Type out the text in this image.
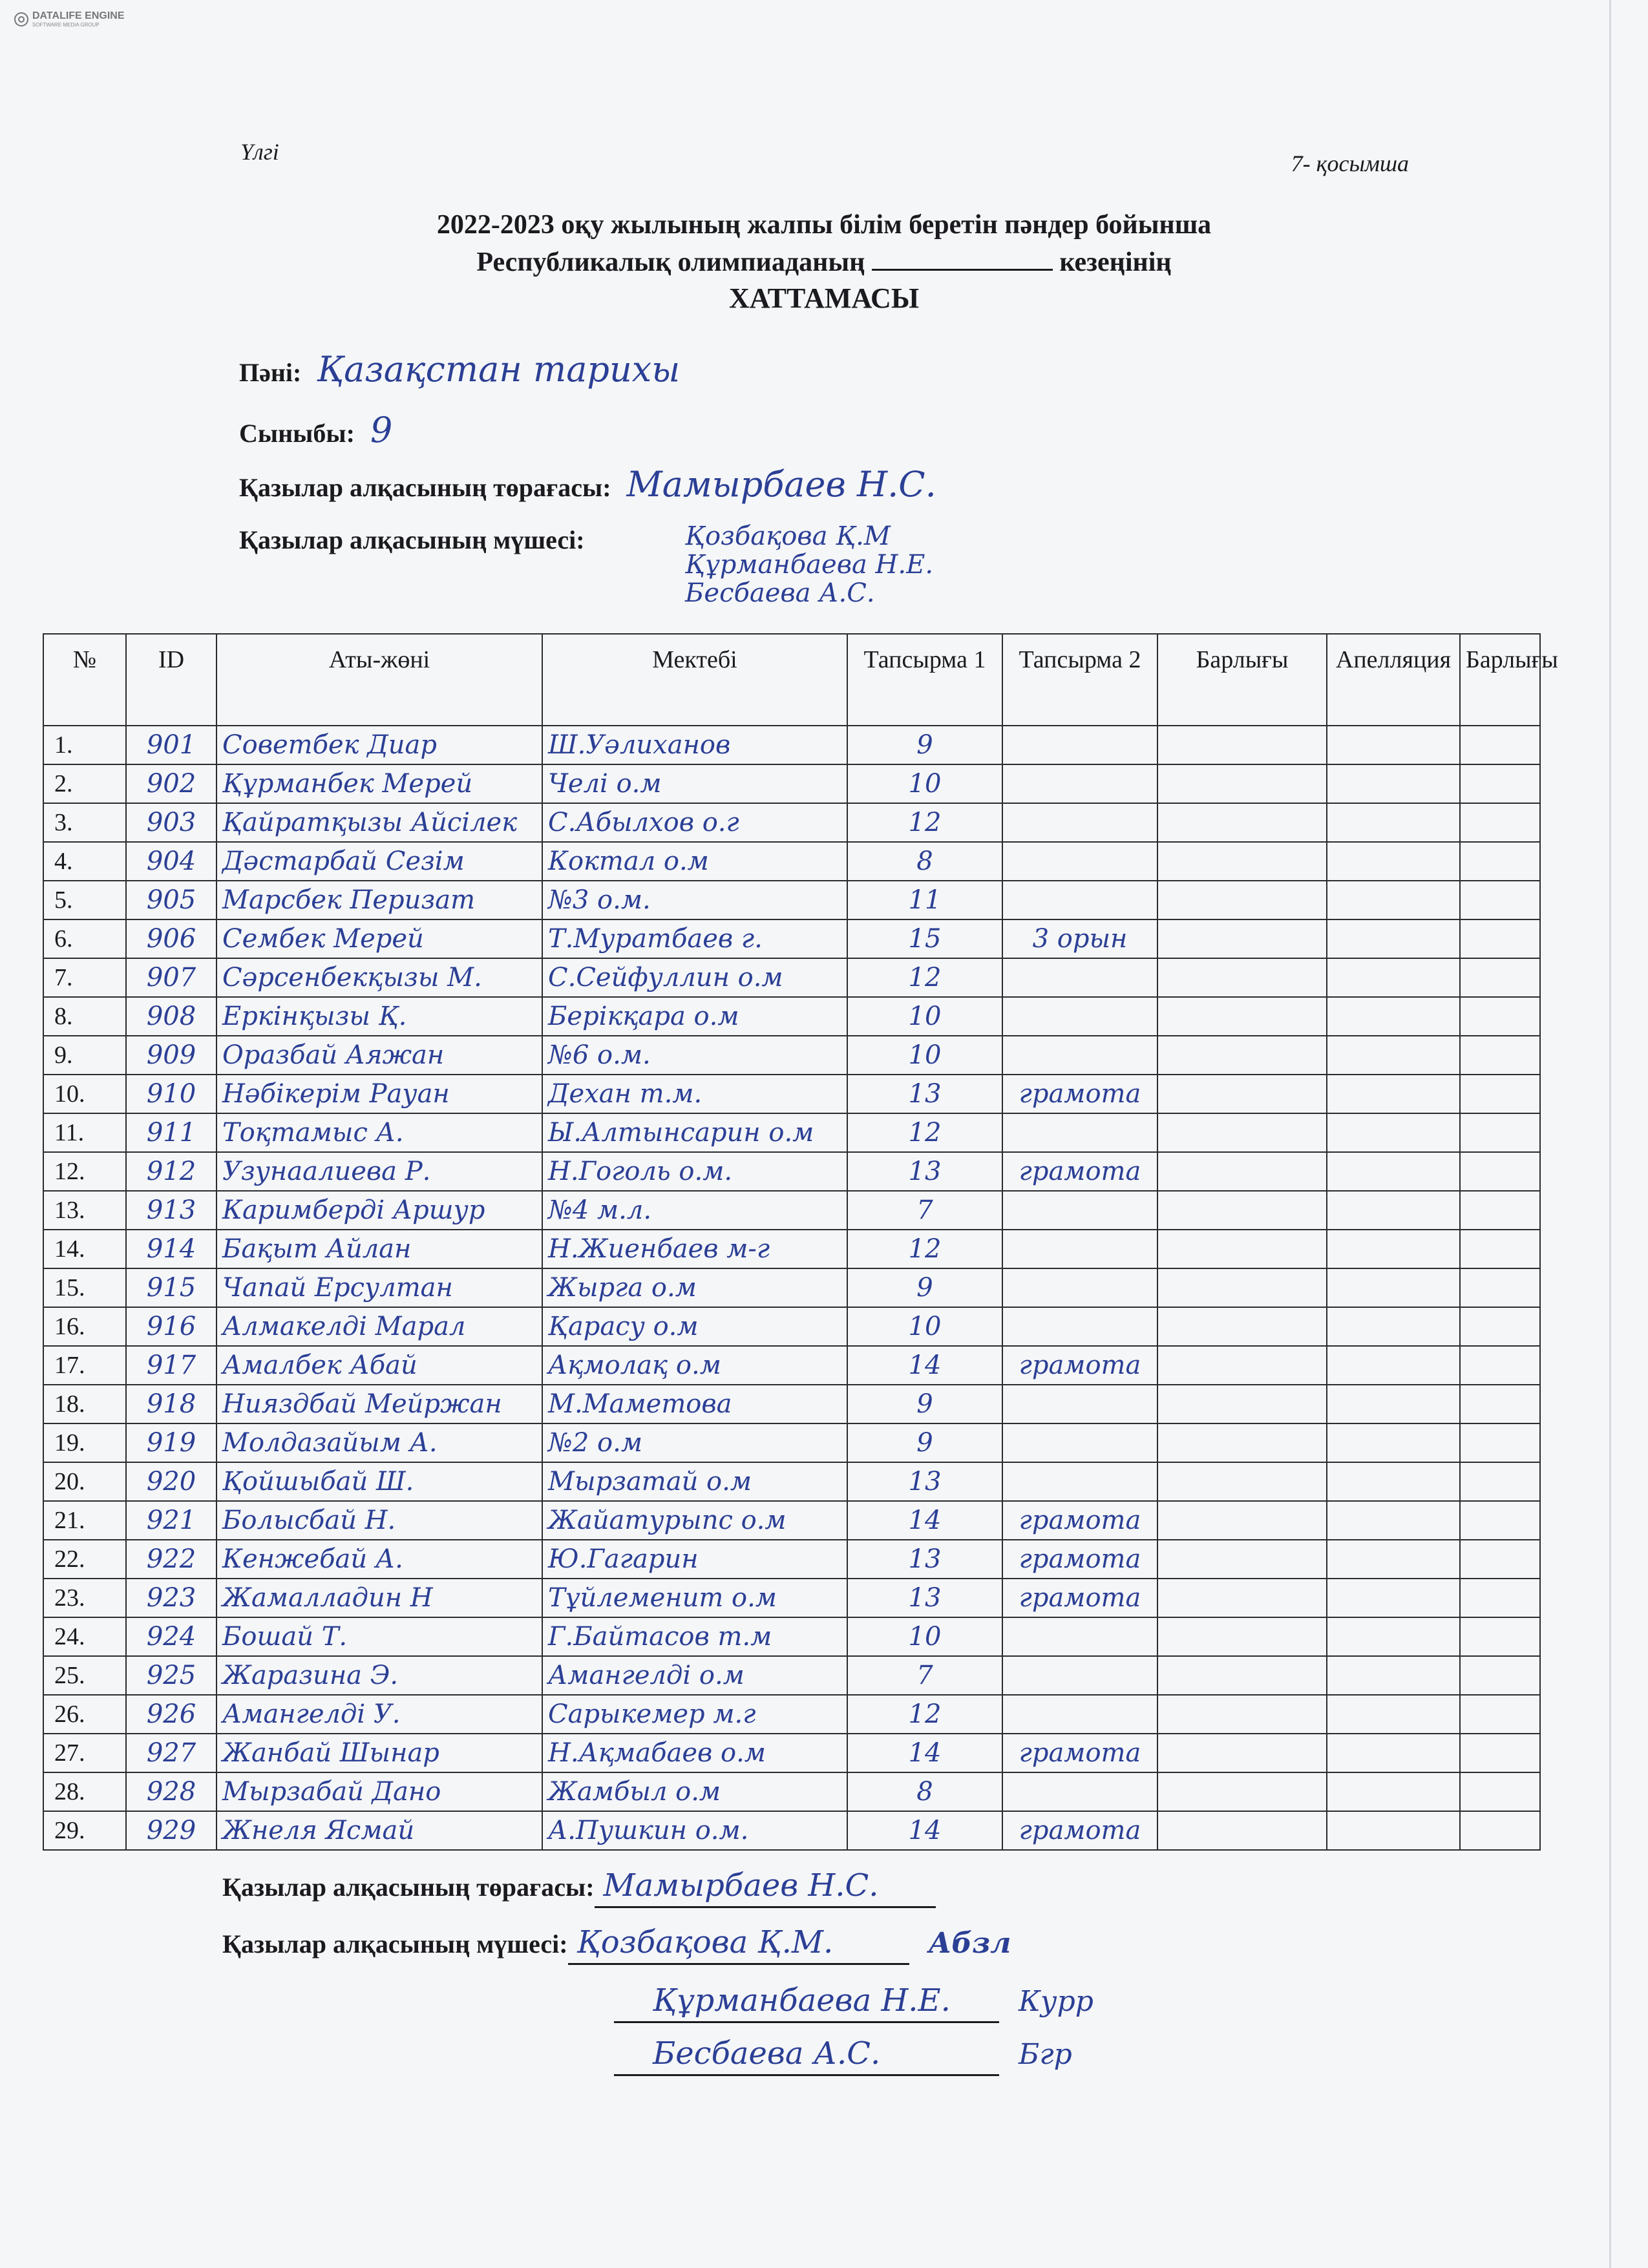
DATALIFE ENGINE
SOFTWARE MEDIA GROUP
Үлгі	7- қосымша
2022-2023 оқу жылының жалпы білім беретін пәндер бойынша
Республикалық олимпиаданың	кезеңінің
ХАТТАМАСЫ
Пәні: Қазақстан тарихы
Сыныбы: 9
Қазылар алқасының төрағасы: Мамырбаев Н.С.
Қазылар алқасының мүшесі:	Қозбақова Қ.М
Құрманбаева Н.Е.
Бесбаева А.С.
№	ID	Аты-жөні	Мектебі	Тапсырма 1	Тапсырма 2	Барлығы	Апелляция	Барлығы
1.	901	Советбек Диар	Ш.Уәлиханов	9				
2.	902	Құрманбек Мерей	Челі о.м	10				
3.	903	Қайратқызы Айсілек	С.Абылхов о.г	12				
4.	904	Дәстарбай Сезім	Коктал о.м	8				
5.	905	Марсбек Перизат	№3 о.м.	11				
6.	906	Сембек Мерей	Т.Муратбаев г.	15	3 орын			
7.	907	Сәрсенбекқызы М.	С.Сейфуллин о.м	12				
8.	908	Еркінқызы Қ.	Берікқара о.м	10				
9.	909	Оразбай Аяжан	№6 о.м.	10				
10.	910	Нәбікерім Рауан	Дехан т.м.	13	грамота			
11.	911	Тоқтамыс А.	Ы.Алтынсарин о.м	12				
12.	912	Узунаалиева Р.	Н.Гоголь о.м.	13	грамота			
13.	913	Каримбердi Аршур	№4 м.л.	7				
14.	914	Бақыт Айлан	Н.Жиенбаев м-г	12				
15.	915	Чапай Ерсултан	Жырга о.м	9				
16.	916	Алмакелді Марал	Қарасу о.м	10				
17.	917	Амалбек Абай	Ақмолақ о.м	14	грамота			
18.	918	Нияздбай Мейржан	М.Маметова	9				
19.	919	Молдазайым А.	№2 о.м	9				
20.	920	Қойшыбай Ш.	Мырзатай о.м	13				
21.	921	Болысбай Н.	Жайатурыпс о.м	14	грамота			
22.	922	Кенжебай А.	Ю.Гагарин	13	грамота			
23.	923	Жамалладин Н	Тұйлеменит о.м	13	грамота			
24.	924	Бошай Т.	Г.Байтасов т.м	10				
25.	925	Жаразина Э.	Амангелді о.м	7				
26.	926	Амангелді У.	Сарыкемер м.г	12				
27.	927	Жанбай Шынар	Н.Ақмабаев о.м	14	грамота			
28.	928	Мырзабай Дано	Жамбыл о.м	8				
29.	929	Жнеля Ясмай	А.Пушкин о.м.	14	грамота			
Қазылар алқасының төрағасы: Мамырбаев Н.С.
Қазылар алқасының мүшесі: Қозбақова Қ.М.	Абзл
Құрманбаева Н.Е.	Курр
Бесбаева А.С.	Бгр
